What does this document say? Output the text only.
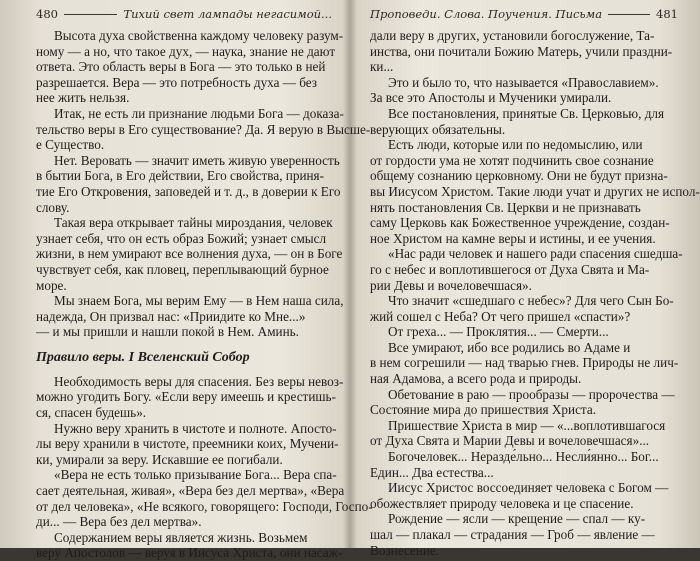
480	Тихий свет лампады негасимой...
Высота духа свойственна каждому человеку разум-
ному — а но, что такое дух, — наука, знание не дают
ответа. Это область веры в Бога — это только в ней
разрешается. Вера — это потребность духа — без
нее жить нельзя.
Итак, не есть ли признание людьми Бога — доказа-
тельство веры в Его существование? Да. Я верую в Высше-
е Существо.
Нет. Веровать — значит иметь живую уверенность
в бытии Бога, в Его действии, Его свойства, приня-
тие Его Откровения, заповедей и т. д., в доверии к Его
слову.
Такая вера открывает тайны мироздания, человек
узнает себя, что он есть образ Божий; узнает смысл
жизни, в нем умирают все волнения духа, — он в Боге
чувствует себя, как пловец, переплывающий бурное
море.
Мы знаем Бога, мы верим Ему — в Нем наша сила,
надежда, Он призвал нас: «Приидите ко Мне...»
— и мы пришли и нашли покой в Нем. Аминь.
Правило веры. I Вселенский Собор
Необходимость веры для спасения. Без веры невоз-
можно угодить Богу. «Если веру имеешь и крестишь-
ся, спасен будешь».
Нужно веру хранить в чистоте и полноте. Aпосто-
лы веру хранили в чистоте, преемники коих, Мучени-
ки, умирали за веру. Искавшие ее погибали.
«Вера не есть только призывание Бога... Вера спа-
сает деятельная, живая», «Вера без дел мертва», «Вера
от дел человека», «Не всякого, говорящего: Господи, Госпо-
ди... — Вера без дел мертва».
Содержанием веры является жизнь. Возьмем
веру Апостолов — веруя в Иисуса Христа, они насаж-
Проповеди. Слова. Поучения. Письма	481
дали веру в других, установили богослужение, Та-
инства, они почитали Божию Матерь, учили праздни-
ки...
Это и было то, что называется «Православием».
За все это Апостолы и Мученики умирали.
Все постановления, принятые Св. Церковью, для
верующих обязательны.
Есть люди, которые или по недомыслию, или
от гордости ума не хотят подчинить свое сознание
общему сознанию церковному. Они не будут призна-
вы Иисусом Христом. Такие люди учат и других не испол-
нять постановления Св. Церкви и не признавать
саму Церковь как Божественное учреждение, создан-
ное Христом на камне веры и истины, и ее учения.
«Нас ради человек и нашего ради спасения сшедша-
го с небес и воплотившегося от Духа Свята и Ма-
рии Девы и вочеловечшася».
Что значит «сшедшаго с небес»? Для чего Сын Бо-
жий сошел с Неба? От чего пришел «спасти»?
От греха... — Проклятия... — Смерти...
Все умирают, ибо все родились во Адаме и
в нем согрешили — над тварью гнев. Природы не лич-
ная Адамова, а всего рода и природы.
Обетование в раю — прообразы — пророчества —
Состояние мира до пришествия Христа.
Пришествие Христа в мир — «...воплотившагося
от Духа Свята и Марии Девы и вочеловечшася»...
Богочеловек... Неразде́льно... Несли́янно... Бог...
Един... Два естества...
Иисус Христос воссоединяет человека с Богом —
обожествляет природу человека и це спасение.
Рождение — ясли — крещение — спал — ку-
шал — плакал — страдания — Гроб — явление —
Вознесение.
